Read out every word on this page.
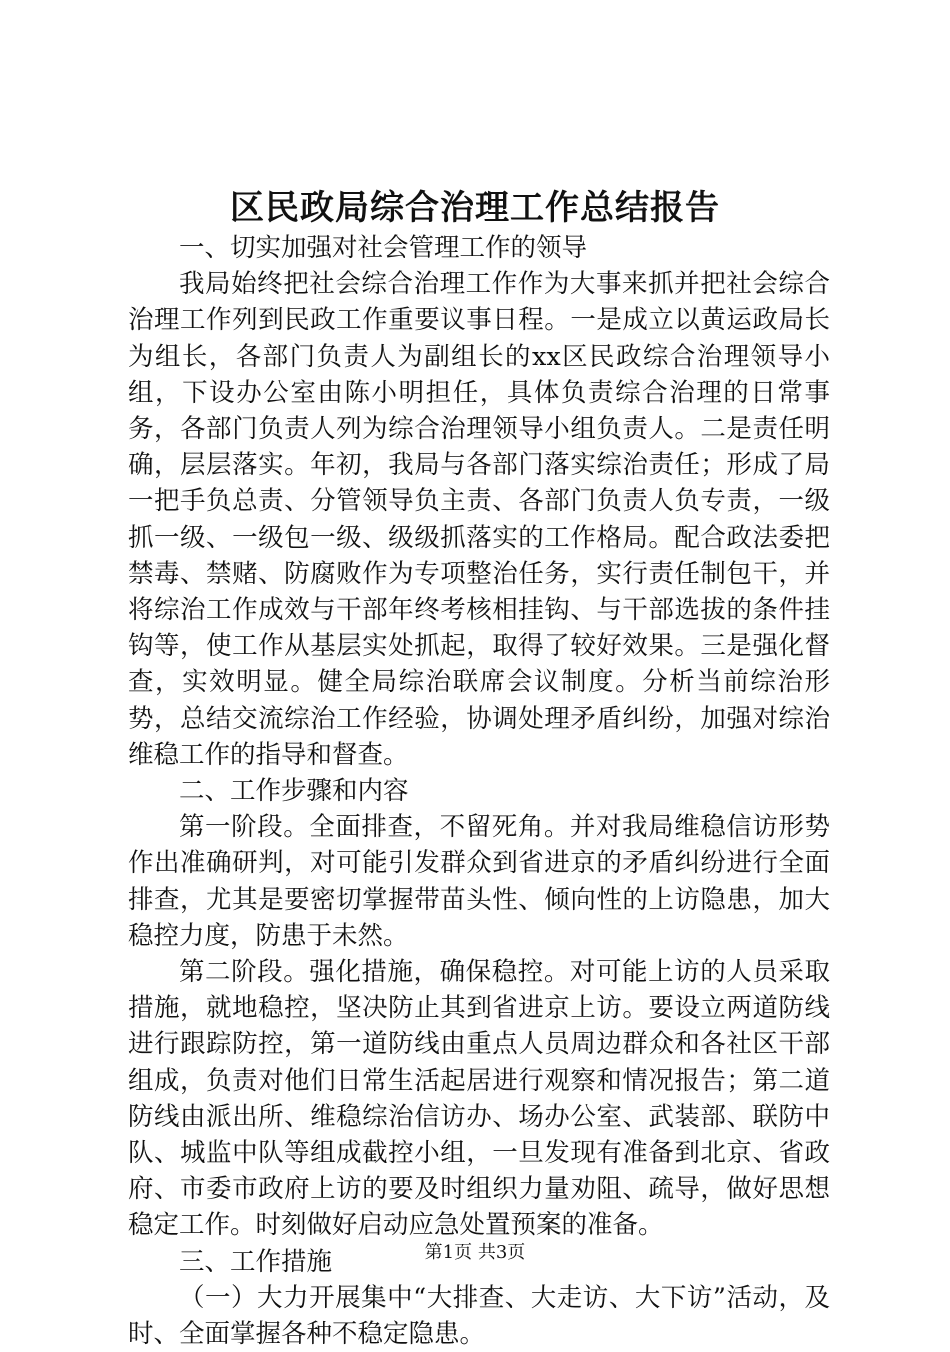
区民政局综合治理工作总结报告

一、切实加强对社会管理工作的领导

我局始终把社会综合治理工作作为大事来抓并把社会综合治理工作列到民政工作重要议事日程。一是成立以黄运政局长为组长，各部门负责人为副组长的xx区民政综合治理领导小组，下设办公室由陈小明担任，具体负责综合治理的日常事务，各部门负责人列为综合治理领导小组负责人。二是责任明确，层层落实。年初，我局与各部门落实综治责任；形成了局一把手负总责、分管领导负主责、各部门负责人负专责，一级抓一级、一级包一级、级级抓落实的工作格局。配合政法委把禁毒、禁赌、防腐败作为专项整治任务，实行责任制包干，并将综治工作成效与干部年终考核相挂钩、与干部选拔的条件挂钩等，使工作从基层实处抓起，取得了较好效果。三是强化督查，实效明显。健全局综治联席会议制度。分析当前综治形势，总结交流综治工作经验，协调处理矛盾纠纷，加强对综治维稳工作的指导和督查。

二、工作步骤和内容

第一阶段。全面排查，不留死角。并对我局维稳信访形势作出准确研判，对可能引发群众到省进京的矛盾纠纷进行全面排查，尤其是要密切掌握带苗头性、倾向性的上访隐患，加大稳控力度，防患于未然。

第二阶段。强化措施，确保稳控。对可能上访的人员采取措施，就地稳控，坚决防止其到省进京上访。要设立两道防线进行跟踪防控，第一道防线由重点人员周边群众和各社区干部组成，负责对他们日常生活起居进行观察和情况报告；第二道防线由派出所、维稳综治信访办、场办公室、武装部、联防中队、城监中队等组成截控小组，一旦发现有准备到北京、省政府、市委市政府上访的要及时组织力量劝阻、疏导，做好思想稳定工作。时刻做好启动应急处置预案的准备。

三、工作措施

（一）大力开展集中“大排查、大走访、大下访”活动，及时、全面掌握各种不稳定隐患。

第1页 共3页
